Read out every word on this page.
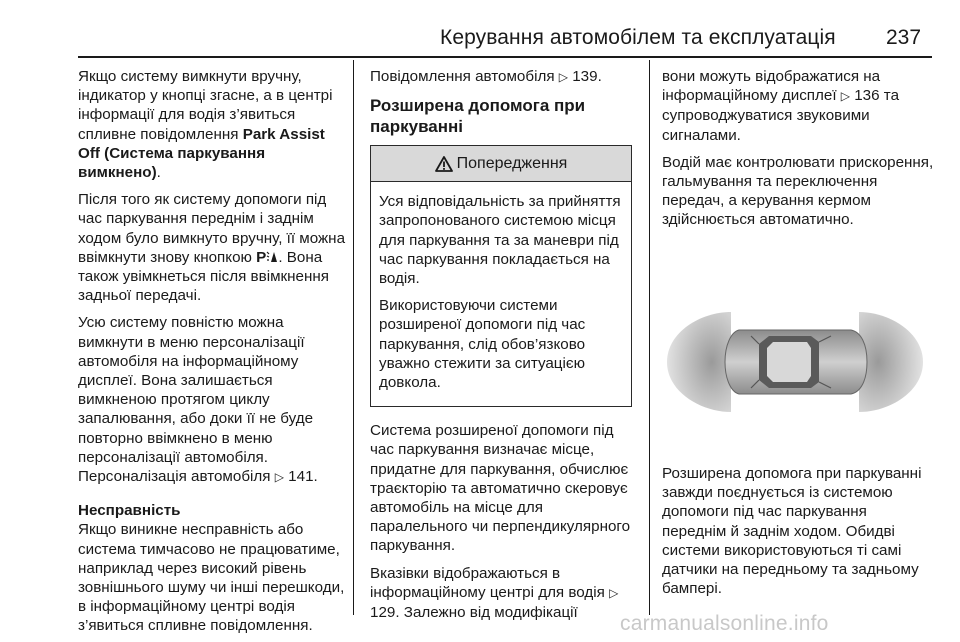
Керування автомобілем та експлуатація 237

Якщо систему вимкнути вручну, індикатор у кнопці згасне, а в центрі інформації для водія з’явиться спливне повідомлення Park Assist Off (Система паркування вимкнено).

Після того як систему допомоги під час паркування переднім і заднім ходом було вимкнуто вручну, її можна ввімкнути знову кнопкою P . Вона також увімкнеться після ввімкнення задньої передачі.

Усю систему повністю можна вимкнути в меню персоналізації автомобіля на інформаційному дисплеї. Вона залишається вимкненою протягом циклу запалювання, або доки її не буде повторно ввімкнено в меню персоналізації автомобіля. Персоналізація автомобіля ▷ 141.

Несправність

Якщо виникне несправність або система тимчасово не працюватиме, наприклад через високий рівень зовнішнього шуму чи інші перешкоди, в інформаційному центрі водія з’явиться спливне повідомлення.

Повідомлення автомобіля ▷ 139.

Розширена допомога при паркуванні
Попередження

Уся відповідальність за прийняття запропонованого системою місця для паркування та за маневри під час паркування покладається на водія.

Використовуючи системи розширеної допомоги під час паркування, слід обов’язково уважно стежити за ситуацією довкола.

Система розширеної допомоги під час паркування визначає місце, придатне для паркування, обчислює траєкторію та автоматично скеровує автомобіль на місце для паралельного чи перпендикулярного паркування.

Вказівки відображаються в інформаційному центрі для водія ▷ 129. Залежно від модифікації

вони можуть відображатися на інформаційному дисплеї ▷ 136 та супроводжуватися звуковими сигналами.

Водій має контролювати прискорення, гальмування та переключення передач, а керування кермом здійснюється автоматично.

Розширена допомога при паркуванні завжди поєднується із системою допомоги під час паркування переднім й заднім ходом. Обидві системи використовуються ті самі датчики на передньому та задньому бампері.

carmanualsonline.info
